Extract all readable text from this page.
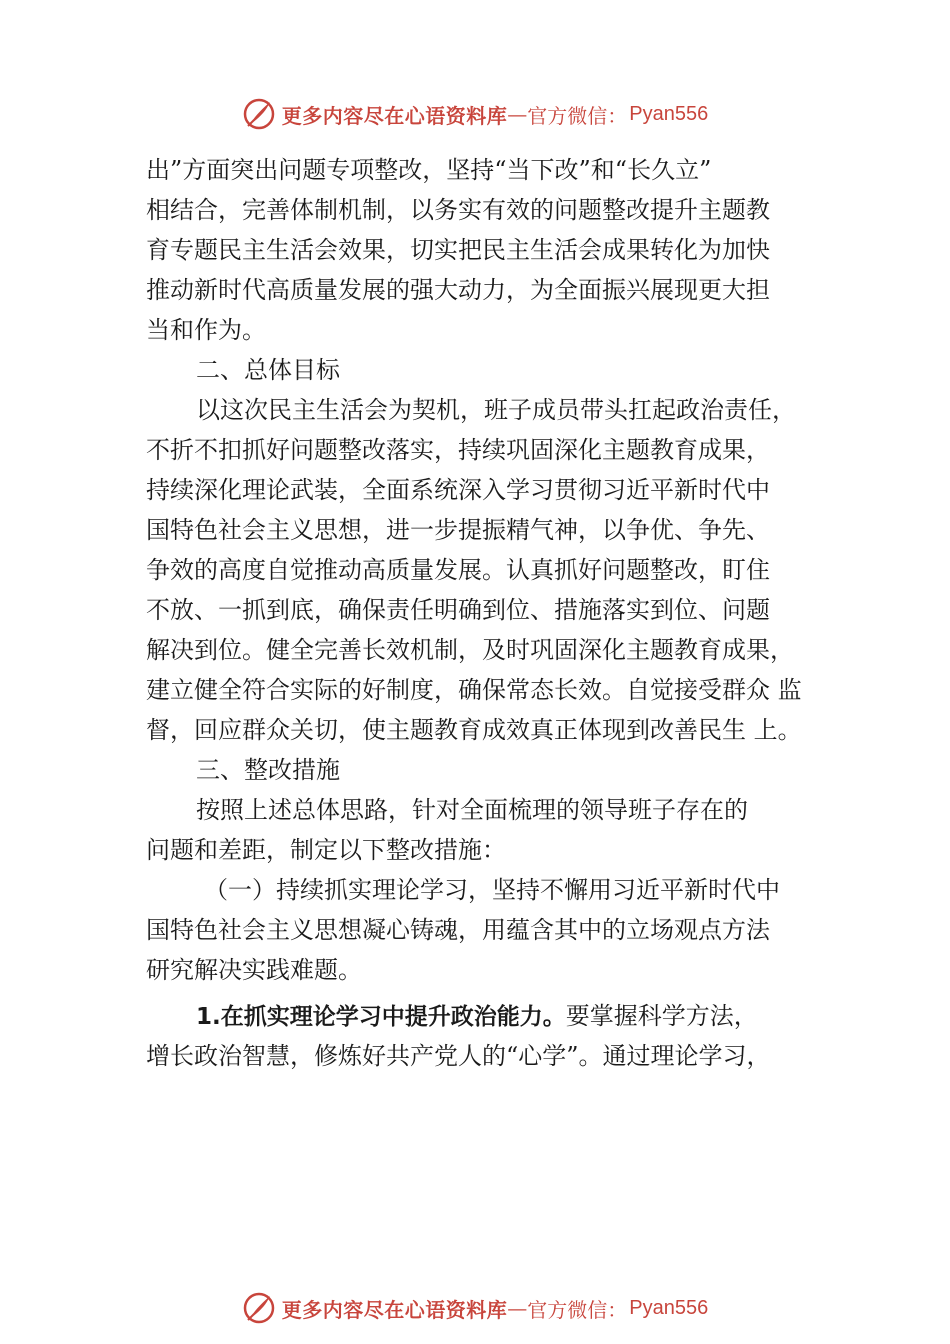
更多内容尽在心语资料库 — 官方微信： Pyan556
出”方面突出问题专项整改，坚持“当下改”和“长久立”
相结合，完善体制机制，以务实有效的问题整改提升主题教
育专题民主生活会效果，切实把民主生活会成果转化为加快
推动新时代高质量发展的强大动力，为全面振兴展现更大担
当和作为。
二、总体目标
以这次民主生活会为契机，班子成员带头扛起政治责任，
不折不扣抓好问题整改落实，持续巩固深化主题教育成果，
持续深化理论武装，全面系统深入学习贯彻习近平新时代中
国特色社会主义思想，进一步提振精气神，以争优、争先、
争效的高度自觉推动高质量发展。认真抓好问题整改，盯住
不放、一抓到底，确保责任明确到位、措施落实到位、问题
解决到位。健全完善长效机制，及时巩固深化主题教育成果，
建立健全符合实际的好制度，确保常态长效。自觉接受群众 监
督，回应群众关切，使主题教育成效真正体现到改善民生 上。
三、整改措施
按照上述总体思路，针对全面梳理的领导班子存在的
问题和差距，制定以下整改措施：
（一）持续抓实理论学习，坚持不懈用习近平新时代中
国特色社会主义思想凝心铸魂，用蕴含其中的立场观点方法
研究解决实践难题。
1.在抓实理论学习中提升政治能力。要掌握科学方法，
增长政治智慧，修炼好共产党人的“心学”。通过理论学习，
更多内容尽在心语资料库 — 官方微信： Pyan556
